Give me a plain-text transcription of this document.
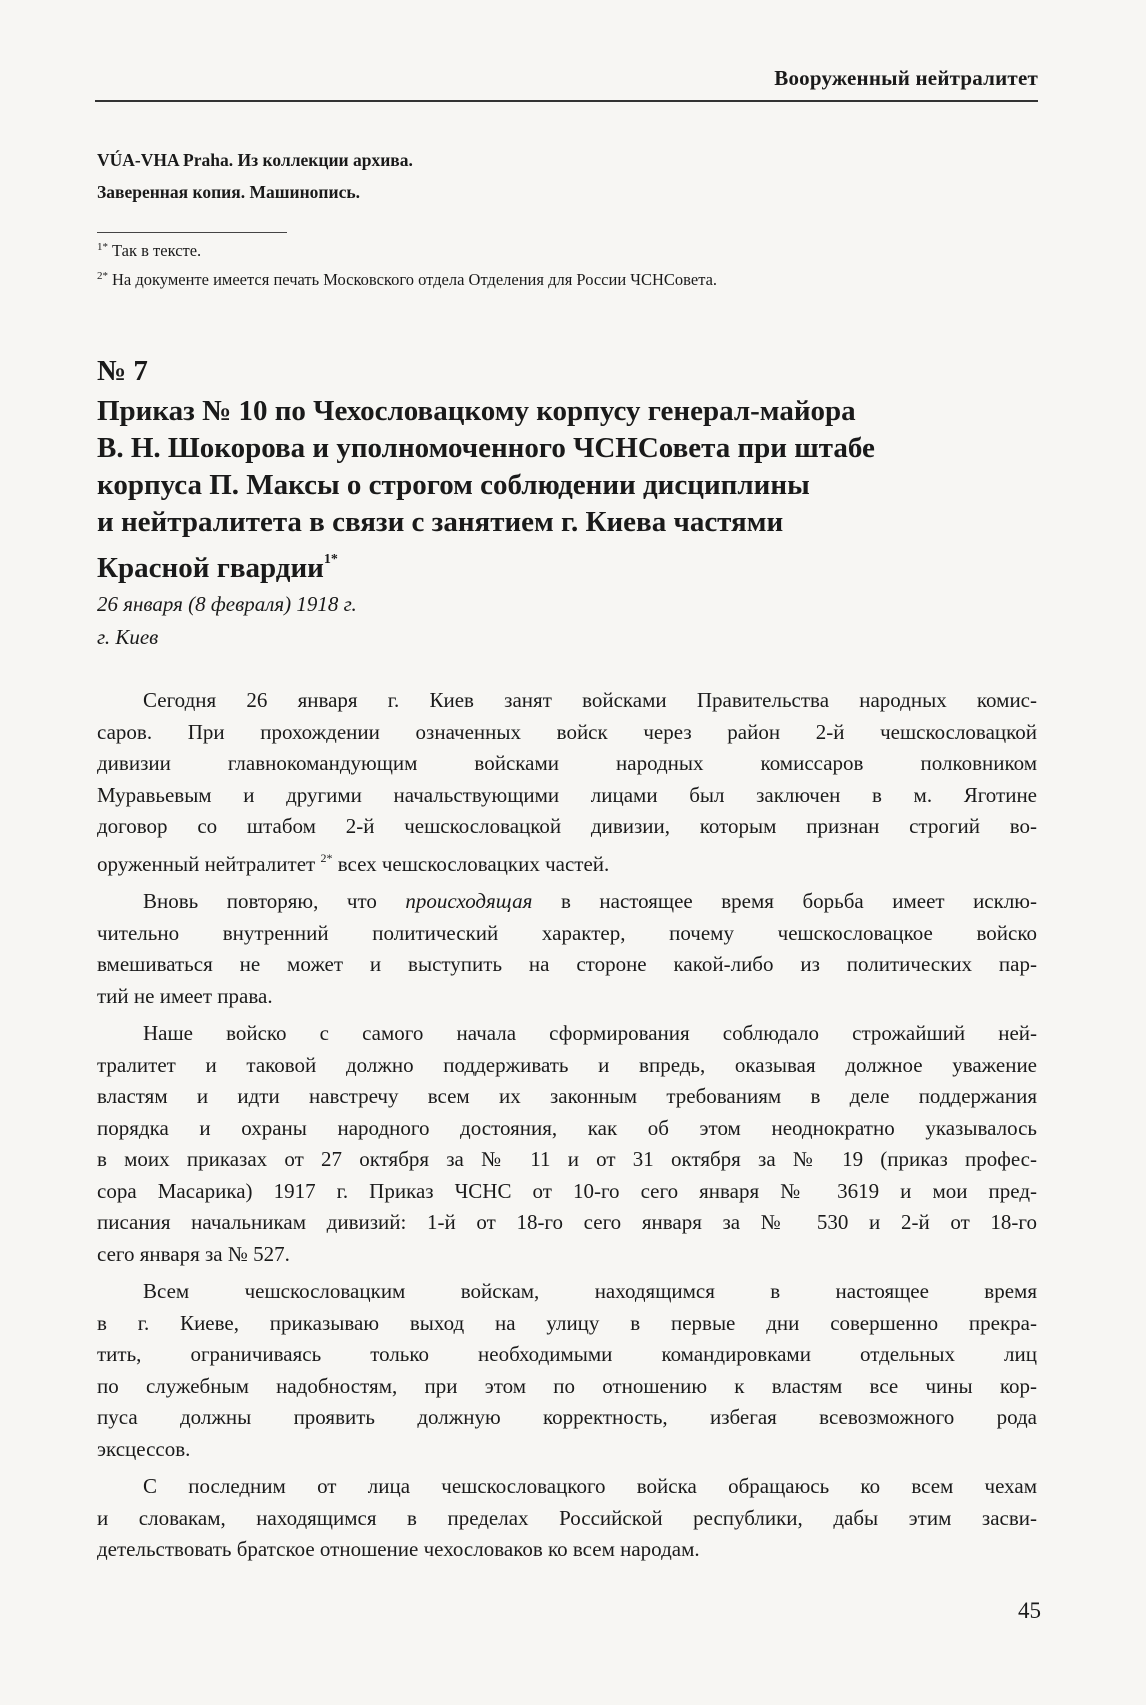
Вооруженный нейтралитет
VÚA-VHA Praha. Из коллекции архива.
Заверенная копия. Машинопись.
$^{1*}$ Так в тексте.
$^{2*}$ На документе имеется печать Московского отдела Отделения для России ЧСНСовета.
№ 7
Приказ № 10 по Чехословацкому корпусу генерал-майора
В. Н. Шокорова и уполномоченного ЧСНСовета при штабе
корпуса П. Максы о строгом соблюдении дисциплины
и нейтралитета в связи с занятием г. Киева частями
Красной гвардии$^{1*}$
26 января (8 февраля) 1918 г.
г. Киев
Сегодня 26 января г. Киев занят войсками Правительства народных комис-
саров. При прохождении означенных войск через район 2-й чешскословацкой
дивизии главнокомандующим войсками народных комиссаров полковником
Муравьевым и другими начальствующими лицами был заключен в м. Яготине
договор со штабом 2-й чешскословацкой дивизии, которым признан строгий во-
оруженный нейтралитет $^{2*}$ всех чешскословацких частей.
Вновь повторяю, что происходящая в настоящее время борьба имеет исклю-
чительно внутренний политический характер, почему чешскословацкое войско
вмешиваться не может и выступить на стороне какой-либо из политических пар-
тий не имеет права.
Наше войско с самого начала сформирования соблюдало строжайший ней-
тралитет и таковой должно поддерживать и впредь, оказывая должное уважение
властям и идти навстречу всем их законным требованиям в деле поддержания
порядка и охраны народного достояния, как об этом неоднократно указывалось
в моих приказах от 27 октября за № 11 и от 31 октября за № 19 (приказ профес-
сора Масарика) 1917 г. Приказ ЧСНС от 10-го сего января № 3619 и мои пред-
писания начальникам дивизий: 1-й от 18-го сего января за № 530 и 2-й от 18-го
сего января за № 527.
Всем чешскословацким войскам, находящимся в настоящее время
в г. Киеве, приказываю выход на улицу в первые дни совершенно прекра-
тить, ограничиваясь только необходимыми командировками отдельных лиц
по служебным надобностям, при этом по отношению к властям все чины кор-
пуса должны проявить должную корректность, избегая всевозможного рода
эксцессов.
С последним от лица чешскословацкого войска обращаюсь ко всем чехам
и словакам, находящимся в пределах Российской республики, дабы этим засви-
детельствовать братское отношение чехословаков ко всем народам.
45
